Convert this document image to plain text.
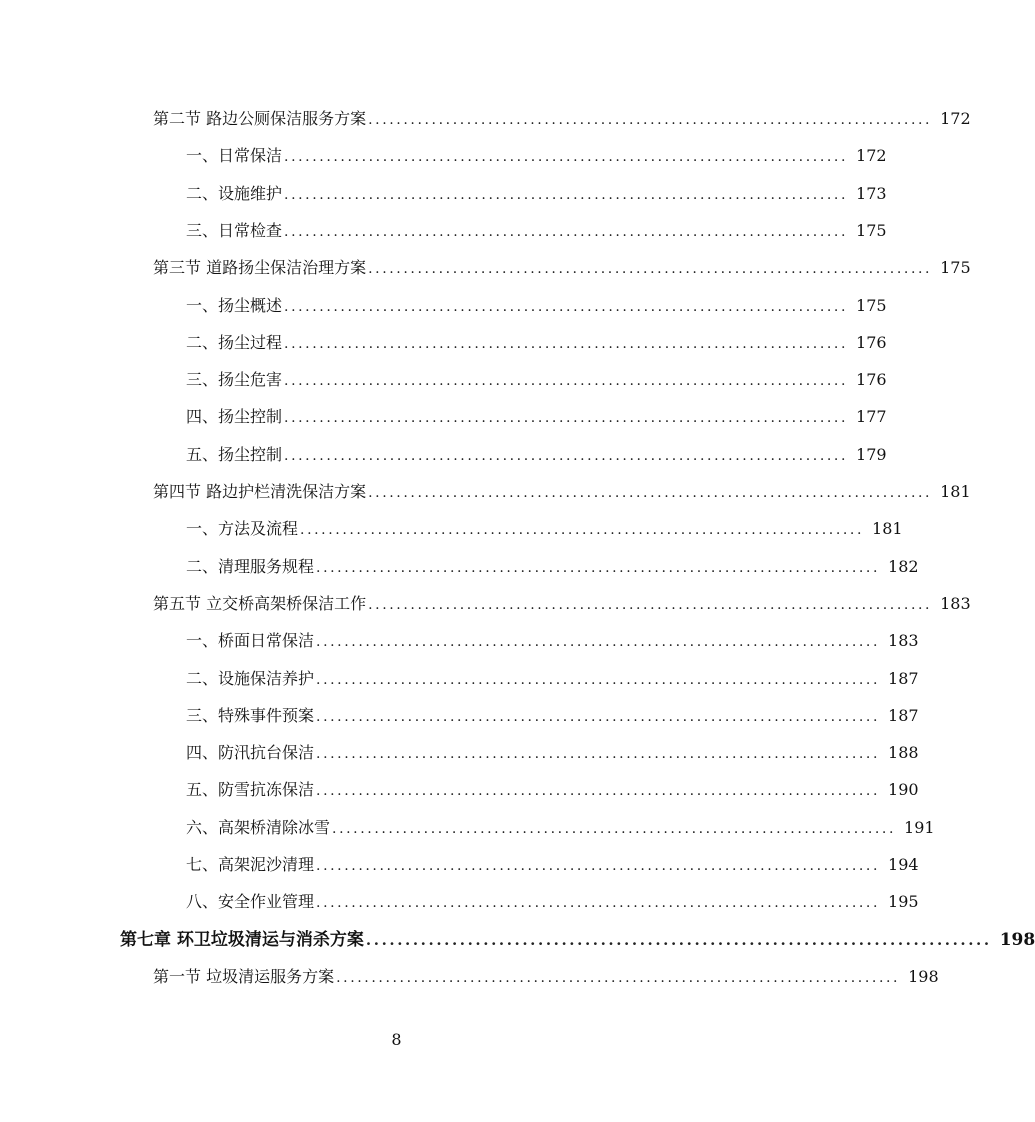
第二节 路边公厕保洁服务方案 ................................................................................ 172
一、日常保洁 ................................................................................ 172
二、设施维护 ................................................................................ 173
三、日常检查 ................................................................................ 175
第三节 道路扬尘保洁治理方案 ................................................................................ 175
一、扬尘概述 ................................................................................ 175
二、扬尘过程 ................................................................................ 176
三、扬尘危害 ................................................................................ 176
四、扬尘控制 ................................................................................ 177
五、扬尘控制 ................................................................................ 179
第四节 路边护栏清洗保洁方案 ................................................................................ 181
一、方法及流程 ................................................................................ 181
二、清理服务规程 ................................................................................ 182
第五节 立交桥高架桥保洁工作 ................................................................................ 183
一、桥面日常保洁 ................................................................................ 183
二、设施保洁养护 ................................................................................ 187
三、特殊事件预案 ................................................................................ 187
四、防汛抗台保洁 ................................................................................ 188
五、防雪抗冻保洁 ................................................................................ 190
六、高架桥清除冰雪 ................................................................................ 191
七、高架泥沙清理 ................................................................................ 194
八、安全作业管理 ................................................................................ 195
第七章 环卫垃圾清运与消杀方案 ................................................................................ 198
第一节 垃圾清运服务方案 ................................................................................ 198
8
